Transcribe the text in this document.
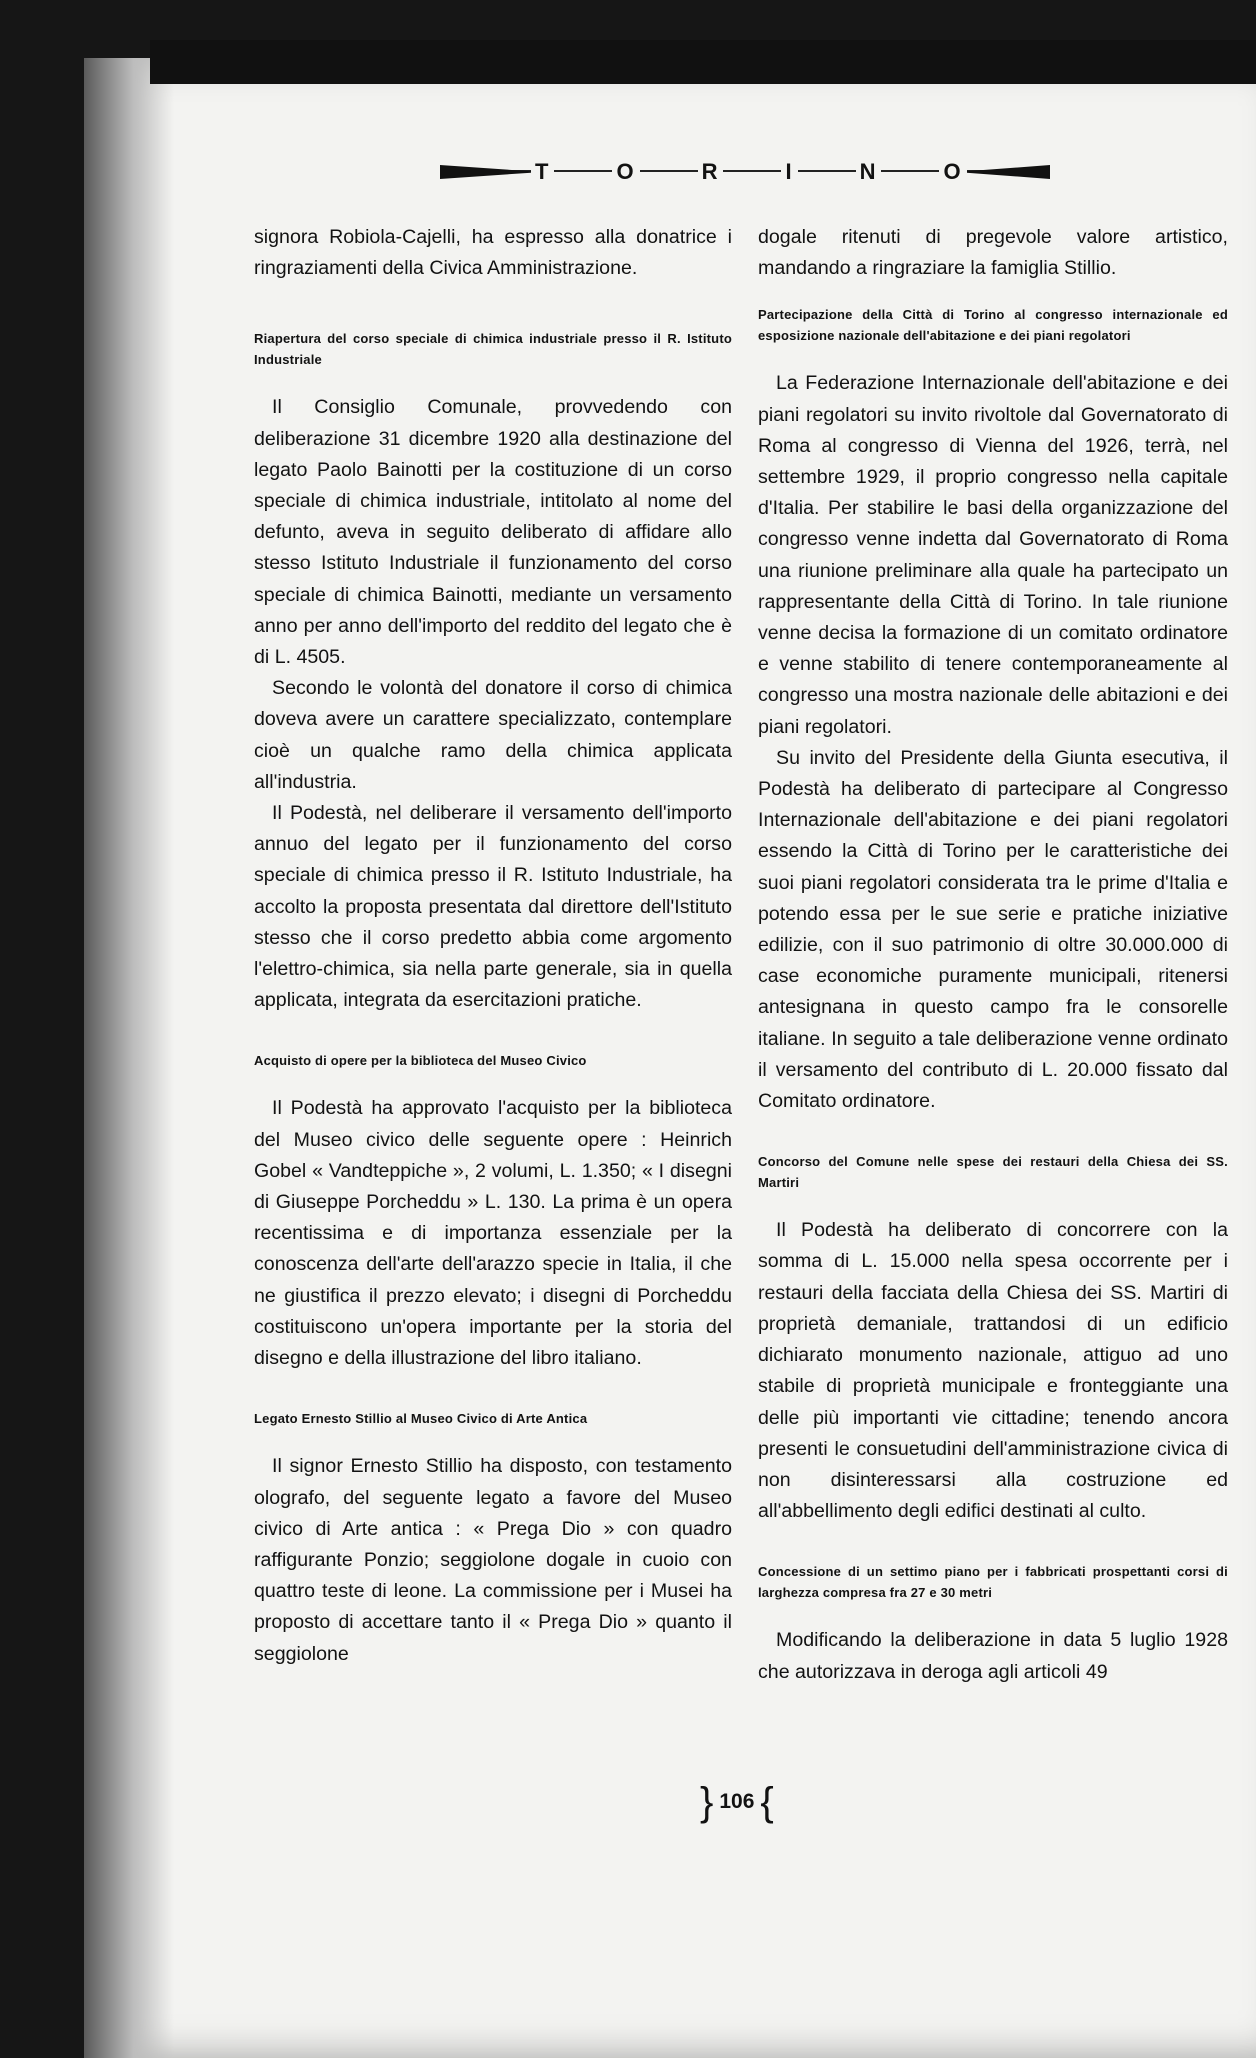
T	O	R	I	N	O

signora Robiola-Cajelli, ha espresso alla donatrice i ringraziamenti della Civica Amministrazione.

Riapertura del corso speciale di chimica industriale presso il R. Istituto Industriale

Il Consiglio Comunale, provvedendo con deliberazione 31 dicembre 1920 alla destinazione del legato Paolo Bainotti per la costituzione di un corso speciale di chimica industriale, intitolato al nome del defunto, aveva in seguito deliberato di affidare allo stesso Istituto Industriale il funzionamento del corso speciale di chimica Bainotti, mediante un versamento anno per anno dell'importo del reddito del legato che è di L. 4505.

Secondo le volontà del donatore il corso di chimica doveva avere un carattere specializzato, contemplare cioè un qualche ramo della chimica applicata all'industria.

Il Podestà, nel deliberare il versamento dell'importo annuo del legato per il funzionamento del corso speciale di chimica presso il R. Istituto Industriale, ha accolto la proposta presentata dal direttore dell'Istituto stesso che il corso predetto abbia come argomento l'elettro-chimica, sia nella parte generale, sia in quella applicata, integrata da esercitazioni pratiche.

Acquisto di opere per la biblioteca del Museo Civico

Il Podestà ha approvato l'acquisto per la biblioteca del Museo civico delle seguente opere : Heinrich Gobel « Vandteppiche », 2 volumi, L. 1.350; « I disegni di Giuseppe Porcheddu » L. 130. La prima è un opera recentissima e di importanza essenziale per la conoscenza dell'arte dell'arazzo specie in Italia, il che ne giustifica il prezzo elevato; i disegni di Porcheddu costituiscono un'opera importante per la storia del disegno e della illustrazione del libro italiano.

Legato Ernesto Stillio al Museo Civico di Arte Antica

Il signor Ernesto Stillio ha disposto, con testamento olografo, del seguente legato a favore del Museo civico di Arte antica : « Prega Dio » con quadro raffigurante Ponzio; seggiolone dogale in cuoio con quattro teste di leone. La commissione per i Musei ha proposto di accettare tanto il « Prega Dio » quanto il seggiolone

dogale ritenuti di pregevole valore artistico, mandando a ringraziare la famiglia Stillio.

Partecipazione della Città di Torino al congresso internazionale ed esposizione nazionale dell'abitazione e dei piani regolatori

La Federazione Internazionale dell'abitazione e dei piani regolatori su invito rivoltole dal Governatorato di Roma al congresso di Vienna del 1926, terrà, nel settembre 1929, il proprio congresso nella capitale d'Italia. Per stabilire le basi della organizzazione del congresso venne indetta dal Governatorato di Roma una riunione preliminare alla quale ha partecipato un rappresentante della Città di Torino. In tale riunione venne decisa la formazione di un comitato ordinatore e venne stabilito di tenere contemporaneamente al congresso una mostra nazionale delle abitazioni e dei piani regolatori.

Su invito del Presidente della Giunta esecutiva, il Podestà ha deliberato di partecipare al Congresso Internazionale dell'abitazione e dei piani regolatori essendo la Città di Torino per le caratteristiche dei suoi piani regolatori considerata tra le prime d'Italia e potendo essa per le sue serie e pratiche iniziative edilizie, con il suo patrimonio di oltre 30.000.000 di case economiche puramente municipali, ritenersi antesignana in questo campo fra le consorelle italiane. In seguito a tale deliberazione venne ordinato il versamento del contributo di L. 20.000 fissato dal Comitato ordinatore.

Concorso del Comune nelle spese dei restauri della Chiesa dei SS. Martiri

Il Podestà ha deliberato di concorrere con la somma di L. 15.000 nella spesa occorrente per i restauri della facciata della Chiesa dei SS. Martiri di proprietà demaniale, trattandosi di un edificio dichiarato monumento nazionale, attiguo ad uno stabile di proprietà municipale e fronteggiante una delle più importanti vie cittadine; tenendo ancora presenti le consuetudini dell'amministrazione civica di non disinteressarsi alla costruzione ed all'abbellimento degli edifici destinati al culto.

Concessione di un settimo piano per i fabbricati prospettanti corsi di larghezza compresa fra 27 e 30 metri

Modificando la deliberazione in data 5 luglio 1928 che autorizzava in deroga agli articoli 49

} 106 {
